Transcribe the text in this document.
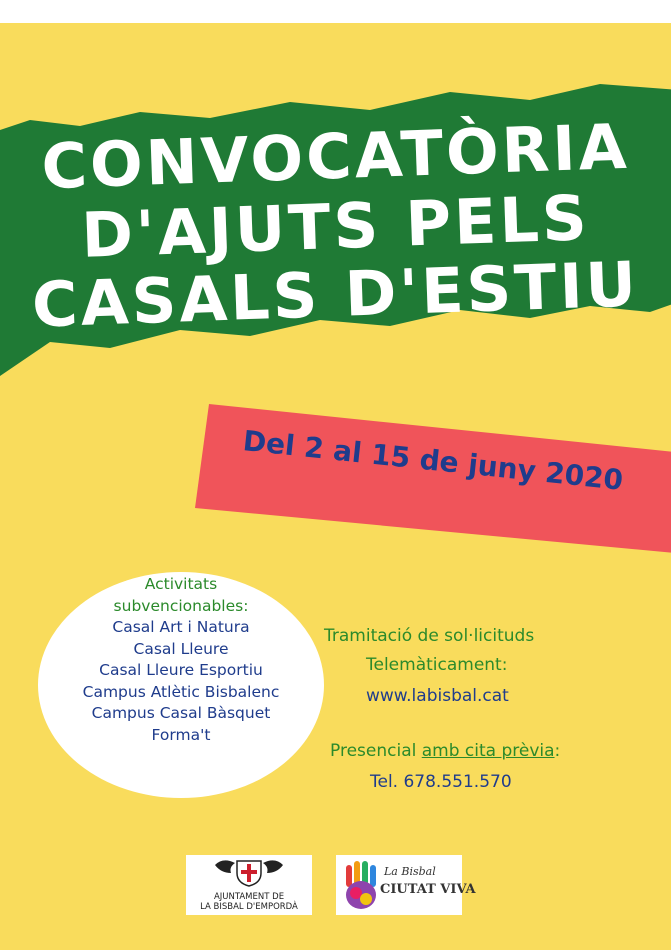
CONVOCATÒRIA
D'AJUTS PELS
CASALS D'ESTIU
Del 2 al 15 de juny 2020
Activitats
subvencionables:
Casal Art i Natura
Casal Lleure
Casal Lleure Esportiu
Campus Atlètic Bisbalenc
Campus Casal Bàsquet
Forma't
Tramitació de sol·licituds
Telemàticament:
www.labisbal.cat
Presencial amb cita prèvia:
Tel. 678.551.570
AJUNTAMENT DE
LA BISBAL D'EMPORDÀ
La Bisbal
CIUTAT VIVA
